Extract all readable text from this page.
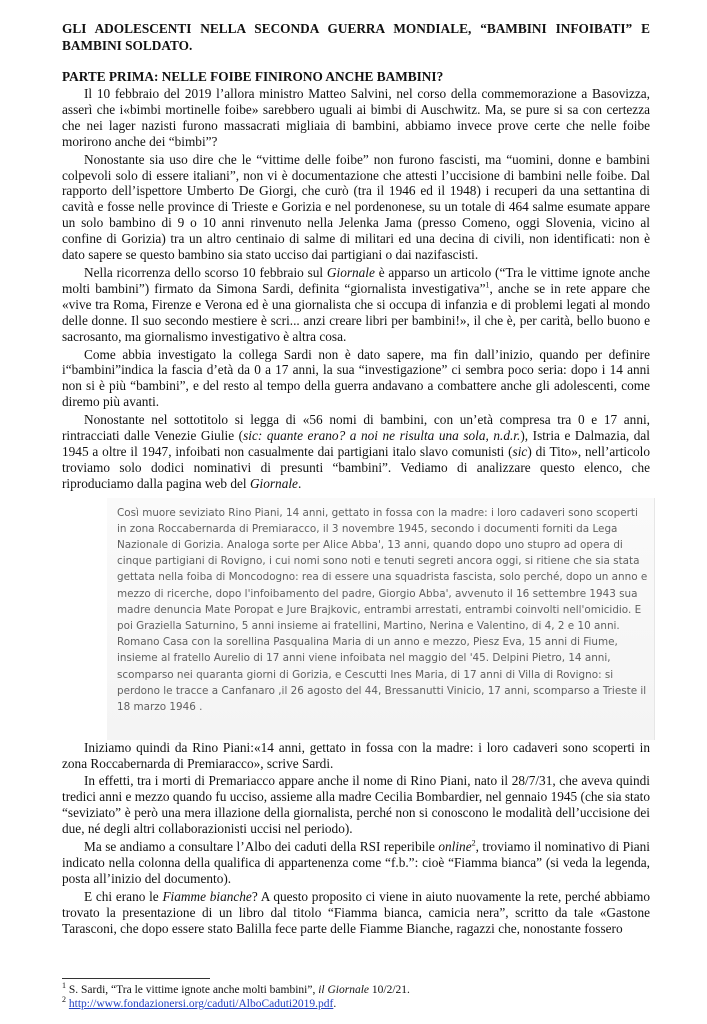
GLI ADOLESCENTI NELLA SECONDA GUERRA MONDIALE, “BAMBINI INFOIBATI” E BAMBINI SOLDATO.
PARTE PRIMA: NELLE FOIBE FINIRONO ANCHE BAMBINI?

Il 10 febbraio del 2019 l’allora ministro Matteo Salvini, nel corso della commemorazione a Basovizza, asserì che i«bimbi mortinelle foibe» sarebbero uguali ai bimbi di Auschwitz. Ma, se pure si sa con certezza che nei lager nazisti furono massacrati migliaia di bambini, abbiamo invece prove certe che nelle foibe morirono anche dei “bimbi”?

Nonostante sia uso dire che le “vittime delle foibe” non furono fascisti, ma “uomini, donne e bambini colpevoli solo di essere italiani”, non vi è documentazione che attesti l’uccisione di bambini nelle foibe. Dal rapporto dell’ispettore Umberto De Giorgi, che curò (tra il 1946 ed il 1948) i recuperi da una settantina di cavità e fosse nelle province di Trieste e Gorizia e nel pordenonese, su un totale di 464 salme esumate appare un solo bambino di 9 o 10 anni rinvenuto nella Jelenka Jama (presso Comeno, oggi Slovenia, vicino al confine di Gorizia) tra un altro centinaio di salme di militari ed una decina di civili, non identificati: non è dato sapere se questo bambino sia stato ucciso dai partigiani o dai nazifascisti.

Nella ricorrenza dello scorso 10 febbraio sul Giornale è apparso un articolo (“Tra le vittime ignote anche molti bambini”) firmato da Simona Sardi, definita “giornalista investigativa”$^1$, anche se in rete appare che «vive tra Roma, Firenze e Verona ed è una giornalista che si occupa di infanzia e di problemi legati al mondo delle donne. Il suo secondo mestiere è scri... anzi creare libri per bambini!», il che è, per carità, bello buono e sacrosanto, ma giornalismo investigativo è altra cosa.

Come abbia investigato la collega Sardi non è dato sapere, ma fin dall’inizio, quando per definire i“bambini”indica la fascia d’età da 0 a 17 anni, la sua “investigazione” ci sembra poco seria: dopo i 14 anni non si è più “bambini”, e del resto al tempo della guerra andavano a combattere anche gli adolescenti, come diremo più avanti.

Nonostante nel sottotitolo si legga di «56 nomi di bambini, con un’età compresa tra 0 e 17 anni, rintracciati dalle Venezie Giulie (sic: quante erano? a noi ne risulta una sola, n.d.r.), Istria e Dalmazia, dal 1945 a oltre il 1947, infoibati non casualmente dai partigiani italo slavo comunisti (sic) di Tito», nell’articolo troviamo solo dodici nominativi di presunti “bambini”. Vediamo di analizzare questo elenco, che riproduciamo dalla pagina web del Giornale.

Così muore seviziato Rino Piani, 14 anni, gettato in fossa con la madre: i loro cadaveri sono scoperti in zona Roccabernarda di Premiaracco, il 3 novembre 1945, secondo i documenti forniti da Lega Nazionale di Gorizia. Analoga sorte per Alice Abba', 13 anni, quando dopo uno stupro ad opera di cinque partigiani di Rovigno, i cui nomi sono noti e tenuti segreti ancora oggi, si ritiene che sia stata gettata nella foiba di Moncodogno: rea di essere una squadrista fascista, solo perché, dopo un anno e mezzo di ricerche, dopo l'infoibamento del padre, Giorgio Abba', avvenuto il 16 settembre 1943 sua madre denuncia Mate Poropat e Jure Brajkovic, entrambi arrestati, entrambi coinvolti nell'omicidio. E poi Graziella Saturnino, 5 anni insieme ai fratellini, Martino, Nerina e Valentino, di 4, 2 e 10 anni. Romano Casa con la sorellina Pasqualina Maria di un anno e mezzo, Piesz Eva, 15 anni di Fiume, insieme al fratello Aurelio di 17 anni viene infoibata nel maggio del '45. Delpini Pietro, 14 anni, scomparso nei quaranta giorni di Gorizia, e Cescutti Ines Maria, di 17 anni di Villa di Rovigno: si perdono le tracce a Canfanaro ,il 26 agosto del 44, Bressanutti Vinicio, 17 anni, scomparso a Trieste il 18 marzo 1946 .

Iniziamo quindi da Rino Piani:«14 anni, gettato in fossa con la madre: i loro cadaveri sono scoperti in zona Roccabernarda di Premiaracco», scrive Sardi.

In effetti, tra i morti di Premariacco appare anche il nome di Rino Piani, nato il 28/7/31, che aveva quindi tredici anni e mezzo quando fu ucciso, assieme alla madre Cecilia Bombardier, nel gennaio 1945 (che sia stato “seviziato” è però una mera illazione della giornalista, perché non si conoscono le modalità dell’uccisione dei due, né degli altri collaborazionisti uccisi nel periodo).

Ma se andiamo a consultare l’Albo dei caduti della RSI reperibile online$^2$, troviamo il nominativo di Piani indicato nella colonna della qualifica di appartenenza come “f.b.”: cioè “Fiamma bianca” (si veda la legenda, posta all’inizio del documento).

E chi erano le Fiamme bianche? A questo proposito ci viene in aiuto nuovamente la rete, perché abbiamo trovato la presentazione di un libro dal titolo “Fiamma bianca, camicia nera”, scritto da tale «Gastone Tarasconi, che dopo essere stato Balilla fece parte delle Fiamme Bianche, ragazzi che, nonostante fossero

$^1$ S. Sardi, “Tra le vittime ignote anche molti bambini”, il Giornale 10/2/21.
$^2$ http://www.fondazionersi.org/caduti/AlboCaduti2019.pdf.
